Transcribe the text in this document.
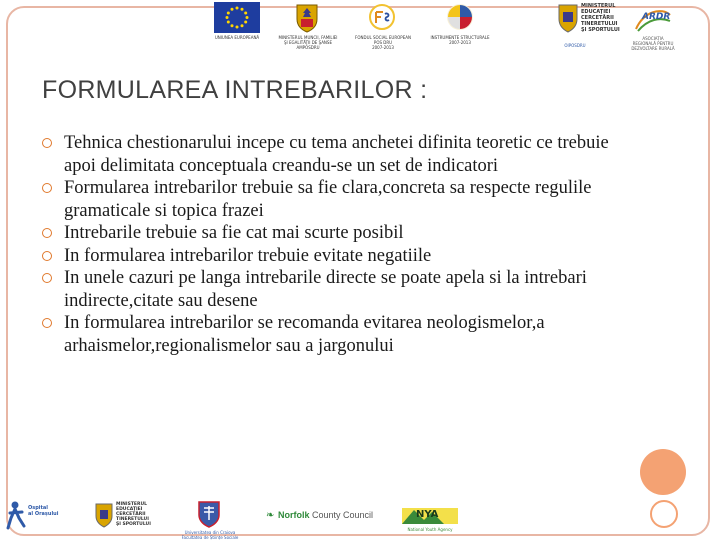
UNIUNEA EUROPEANĂ	MINISTERUL MUNCII, FAMILIEI
ŞI EGALITĂŢII DE ŞANSE
AMPOSDRU
FONDUL SOCIAL EUROPEAN
POS DRU
2007-2013
INSTRUMENTE STRUCTURALE
2007-2013
MINISTERUL
EDUCAŢIEI
CERCETĂRII
TINERETULUI
ŞI SPORTULUI
OIPOSDRU
ARDR
ASOCIAȚIA
REGIONALĂ PENTRU
DEZVOLTARE RURALĂ
FORMULAREA INTREBARILOR :
Tehnica chestionarului incepe cu tema anchetei difinita teoretic ce trebuie apoi delimitata conceptuala creandu-se un set de indicatori
Formularea intrebarilor trebuie sa fie clara,concreta sa respecte regulile gramaticale si topica frazei
Intrebarile trebuie sa fie cat mai scurte posibil
In formularea intrebarilor trebuie evitate negatiile
In unele cazuri pe langa intrebarile directe se poate apela si la intrebari indirecte,citate sau desene
In formularea intrebarilor se recomanda evitarea neologismelor,a arhaismelor,regionalismelor sau a jargonului
Ospital
al Orașului
MINISTERUL
EDUCAŢIEI
CERCETĂRII
TINERETULUI
ŞI SPORTULUI
Universitatea din Craiova
Facultatea de Științe Sociale
❧ Norfolk County Council	NYA
National Youth Agency
